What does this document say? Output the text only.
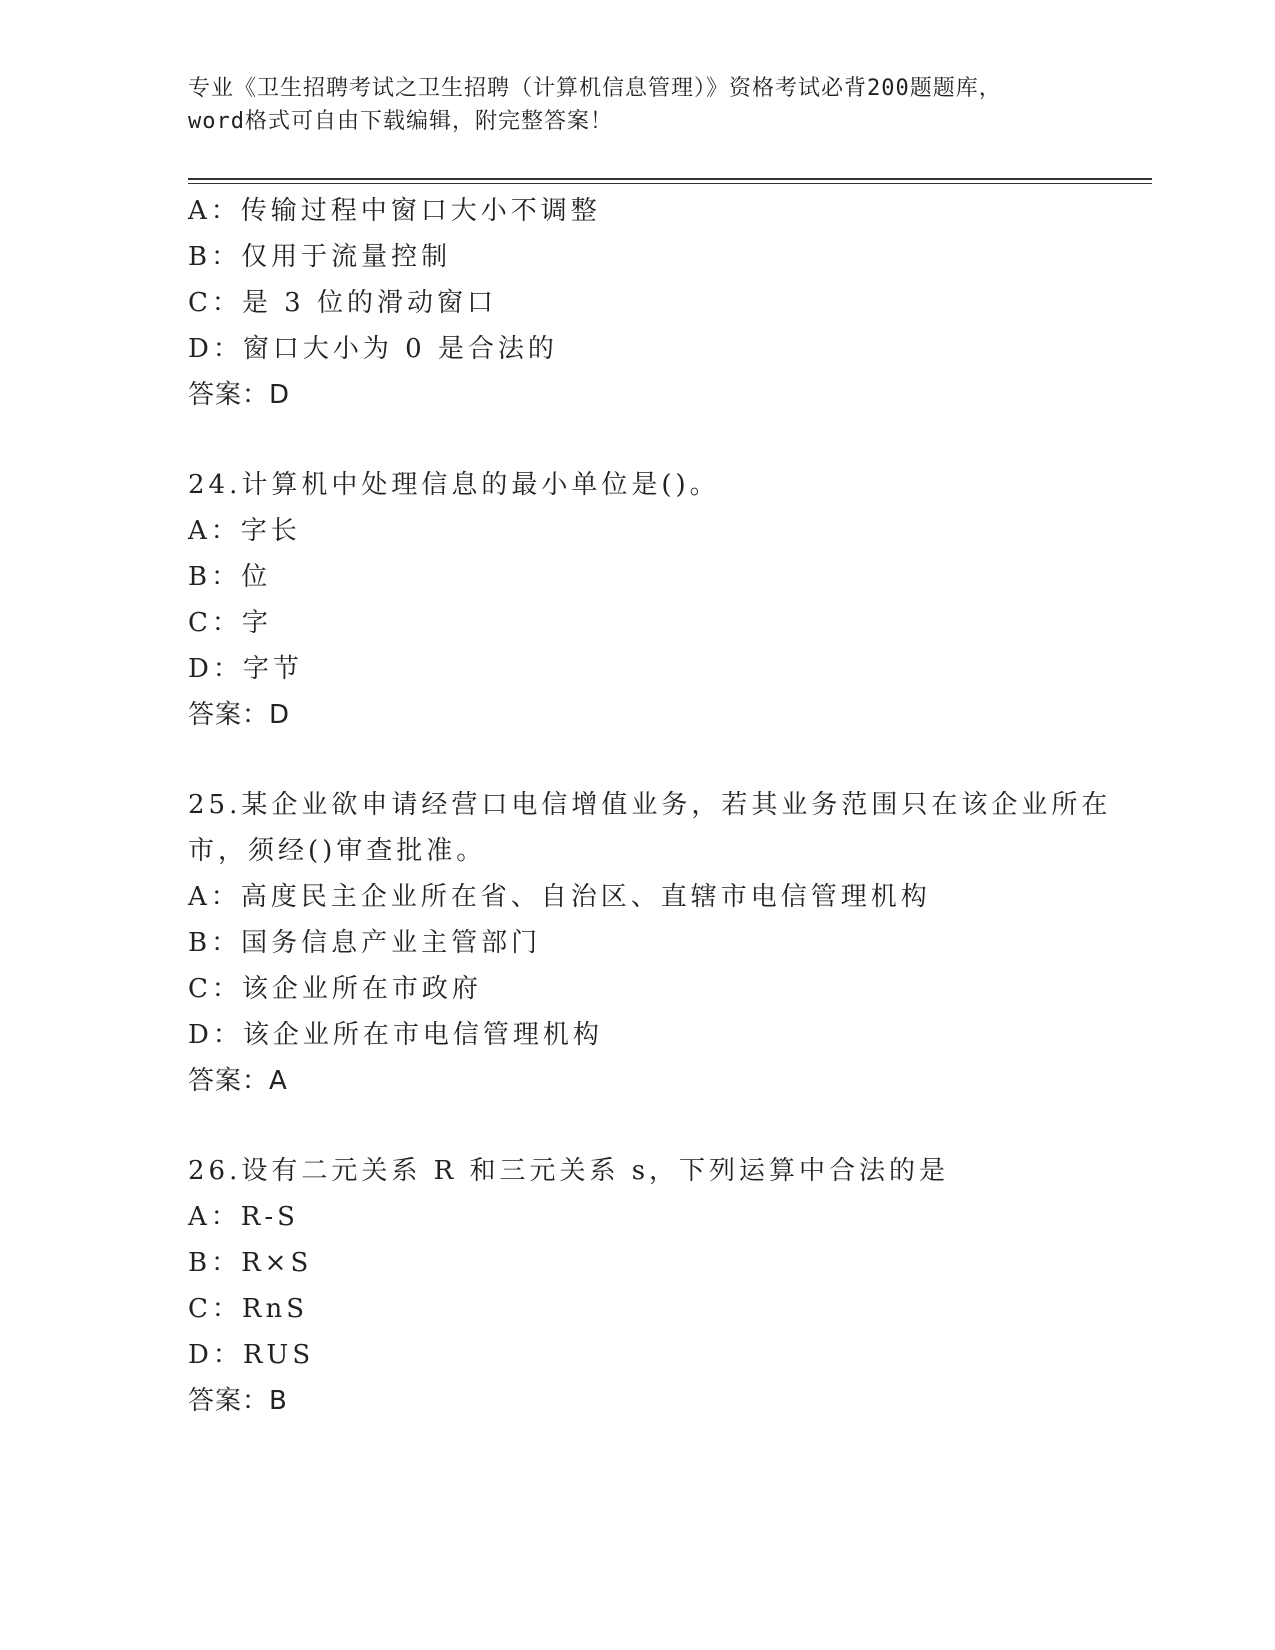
专业《卫生招聘考试之卫生招聘（计算机信息管理）》资格考试必背200题题库，
word格式可自由下载编辑，附完整答案！
A：传输过程中窗口大小不调整
B：仅用于流量控制
C：是 3 位的滑动窗口
D：窗口大小为 0 是合法的
答案：D
24.计算机中处理信息的最小单位是()。
A：字长
B：位
C：字
D：字节
答案：D
25.某企业欲申请经营口电信增值业务，若其业务范围只在该企业所在
市，须经()审查批准。
A：高度民主企业所在省、自治区、直辖市电信管理机构
B：国务信息产业主管部门
C：该企业所在市政府
D：该企业所在市电信管理机构
答案：A
26.设有二元关系 R 和三元关系 s，下列运算中合法的是
A：R-S
B：R×S
C：RnS
D：RUS
答案：B
